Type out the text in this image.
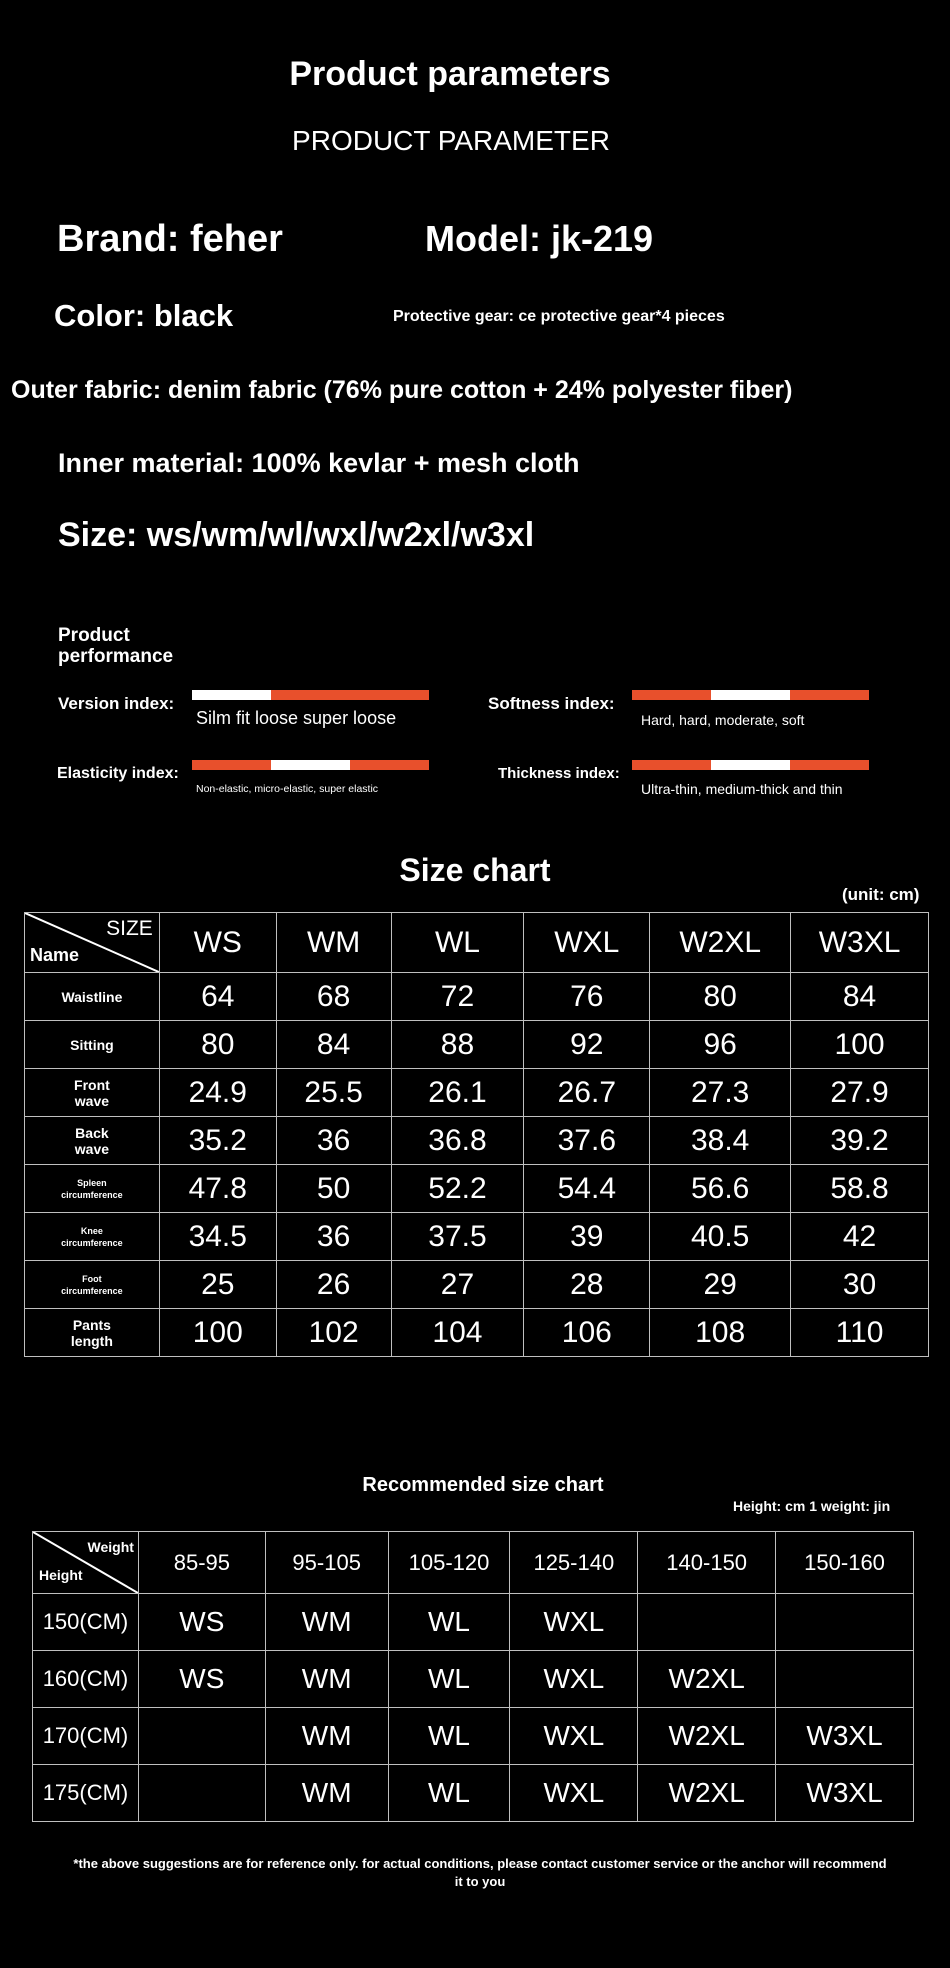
Product parameters
PRODUCT PARAMETER
Brand: feher	Model: jk-219
Color: black	Protective gear: ce protective gear*4 pieces
Outer fabric: denim fabric (76% pure cotton + 24% polyester fiber)
Inner material: 100% kevlar + mesh cloth
Size: ws/wm/wl/wxl/w2xl/w3xl
Product
performance
Version index:
Silm fit loose super loose
Softness index:
Hard, hard, moderate, soft
Elasticity index:
Non-elastic, micro-elastic, super elastic
Thickness index:
Ultra-thin, medium-thick and thin
Size chart
(unit: cm)
SIZE
Name	WS	WM	WL	WXL	W2XL	W3XL
Waistline	64	68	72	76	80	84
Sitting	80	84	88	92	96	100
Front
wave	24.9	25.5	26.1	26.7	27.3	27.9
Back
wave	35.2	36	36.8	37.6	38.4	39.2
Spleen
circumference	47.8	50	52.2	54.4	56.6	58.8
Knee
circumference	34.5	36	37.5	39	40.5	42
Foot
circumference	25	26	27	28	29	30
Pants
length	100	102	104	106	108	110
Recommended size chart
Height: cm 1 weight: jin
Weight
Height	85-95	95-105	105-120	125-140	140-150	150-160
150(CM)	WS	WM	WL	WXL		
160(CM)	WS	WM	WL	WXL	W2XL	
170(CM)		WM	WL	WXL	W2XL	W3XL
175(CM)		WM	WL	WXL	W2XL	W3XL
*the above suggestions are for reference only. for actual conditions, please contact customer service or the anchor will recommend
it to you
